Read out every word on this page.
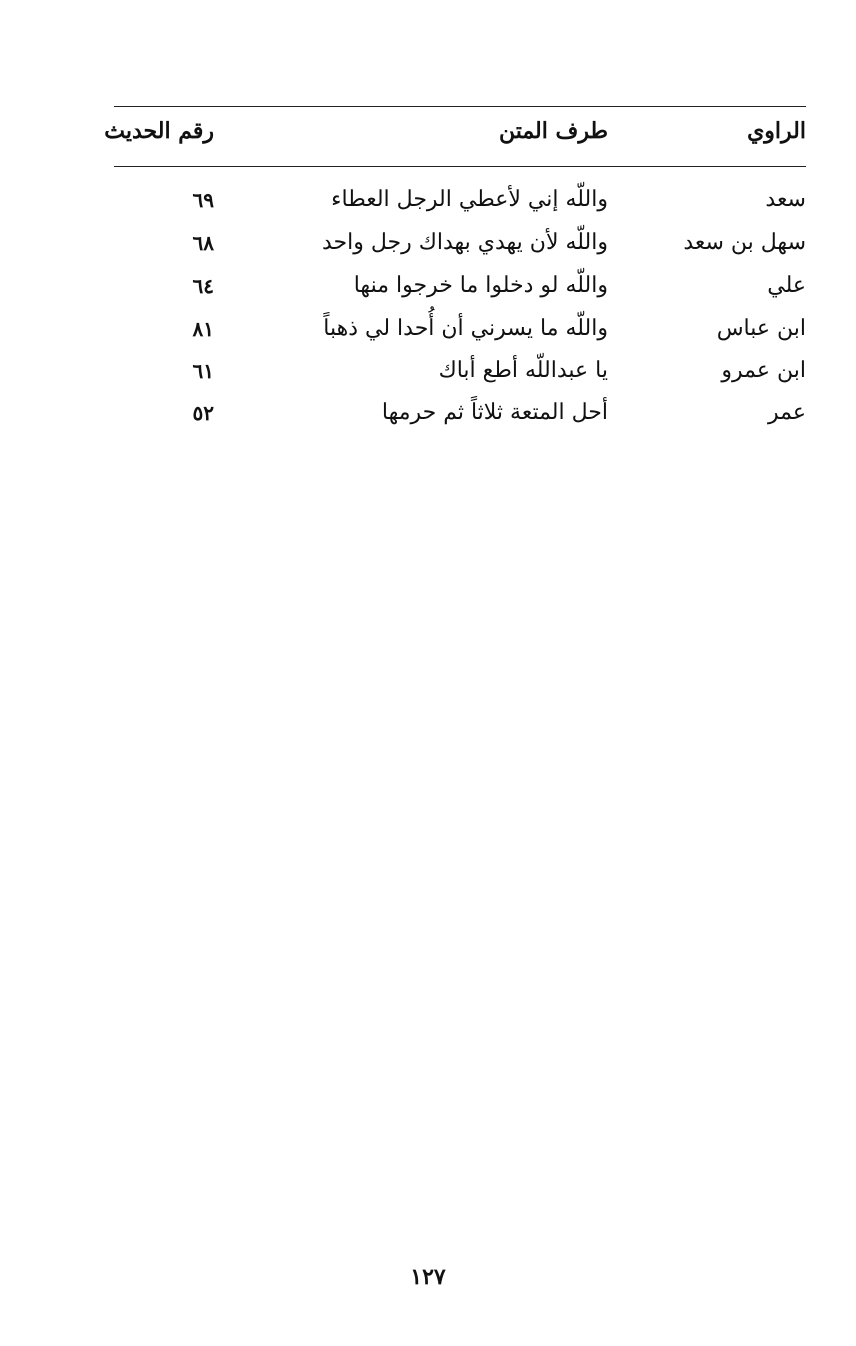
الراوي
طرف المتن
رقم الحديث
سعد
واللّه إني لأعطي الرجل العطاء
٦٩
سهل بن سعد
واللّه لأن يهدي بهداك رجل واحد
٦٨
علي
واللّه لو دخلوا ما خرجوا منها
٦٤
ابن عباس
واللّه ما يسرني أن أُحدا لي ذهباً
٨١
ابن عمرو
يا عبداللّه أطع أباك
٦١
عمر
أحل المتعة ثلاثاً ثم حرمها
٥٢
١٢٧
